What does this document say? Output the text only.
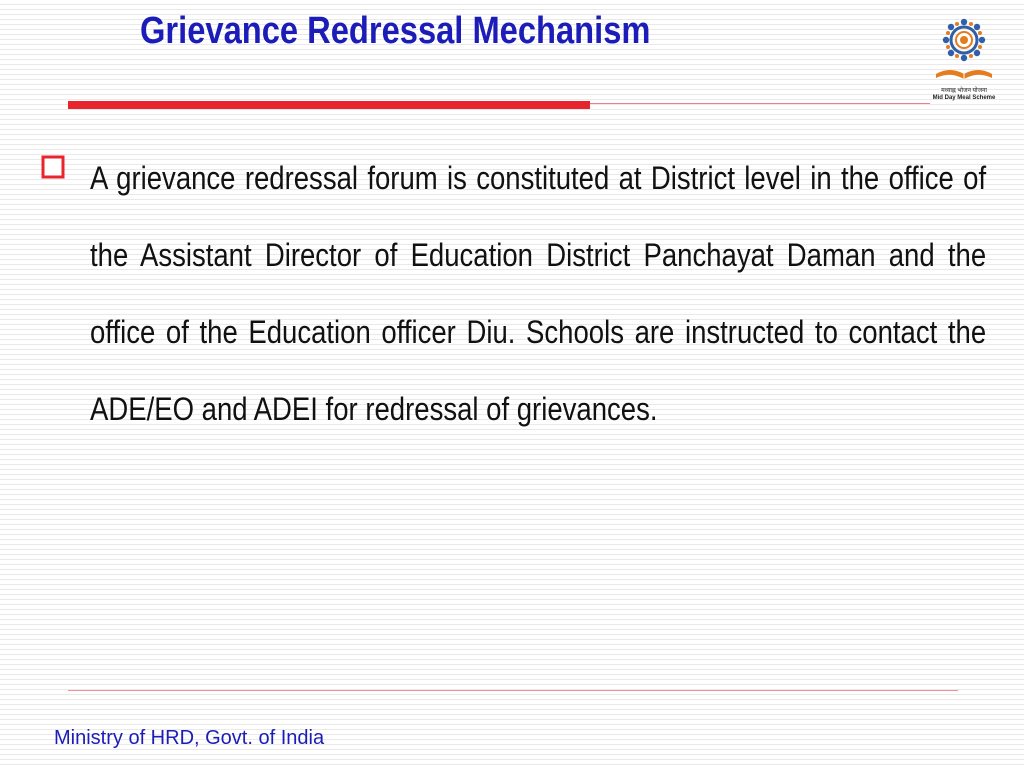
Grievance Redressal Mechanism
मध्याह्न भोजन योजना
Mid Day Meal Scheme
A grievance redressal forum is constituted at District level in the office of the Assistant Director of Education District Panchayat Daman and the office of the Education officer Diu. Schools are instructed to contact the ADE/EO and ADEI for redressal of grievances.
Ministry of HRD, Govt. of India
